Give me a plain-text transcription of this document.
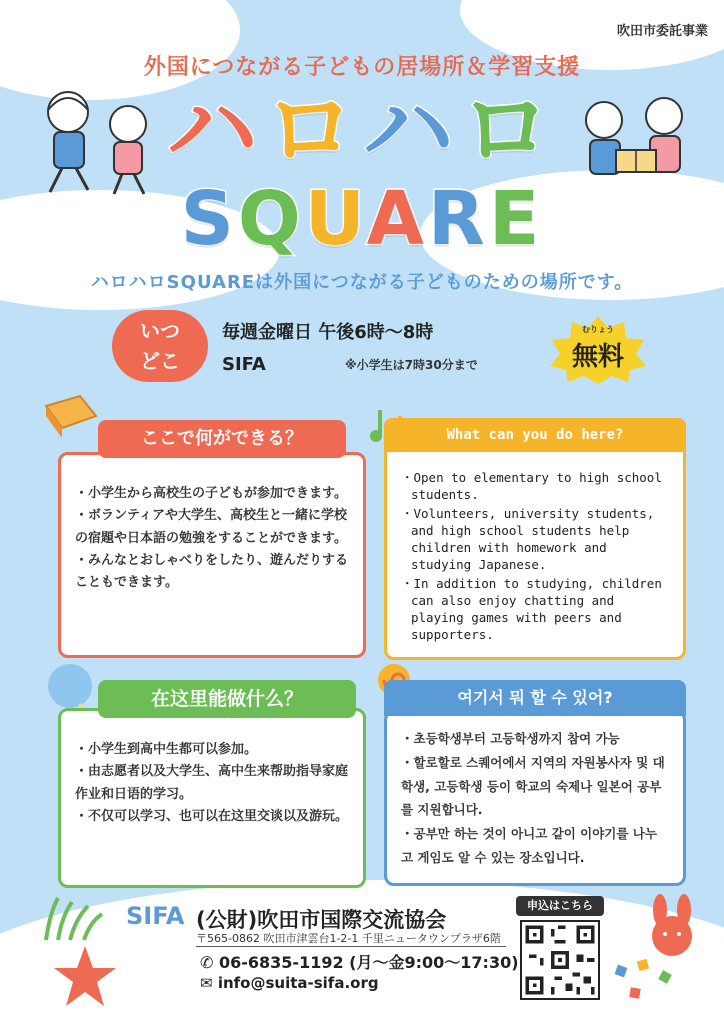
吹田市委託事業
外国につながる子どもの居場所＆学習支援
ハロハロ
SQUARE
ハロハロSQUAREは外国につながる子どものための場所です。
いつ
どこ
毎週金曜日 午後6時～8時
SIFA	※小学生は7時30分まで
むりょう
無料
・小学生から高校生の子どもが参加できます。
・ボランティアや大学生、高校生と一緒に学校の宿題や日本語の勉強をすることができます。
・みんなとおしゃべりをしたり、遊んだりすることもできます。
ここで何ができる？
・Open to elementary to high school students.
・Volunteers, university students, and high school students help children with homework and studying Japanese.
・In addition to studying, children can also enjoy chatting and playing games with peers and supporters.
What can you do here?
・小学生到高中生都可以参加。
・由志愿者以及大学生、高中生来帮助指导家庭作业和日语的学习。
・不仅可以学习、也可以在这里交谈以及游玩。
在这里能做什么？
・초등학생부터 고등학생까지 참여 가능
・할로할로 스퀘어에서 지역의 자원봉사자 및 대학생, 고등학생 등이 학교의 숙제나 일본어 공부를 지원합니다.
・공부만 하는 것이 아니고 같이 이야기를 나누고 게임도 알 수 있는 장소입니다.
여기서 뭐 할 수 있어?
SIFA (公財)吹田市国際交流協会
〒565-0862 吹田市津雲台1-2-1 千里ニュータウンプラザ6階
✆ 06-6835-1192 (月～金9:00～17:30)
✉ info@suita-sifa.org
申込はこちら
